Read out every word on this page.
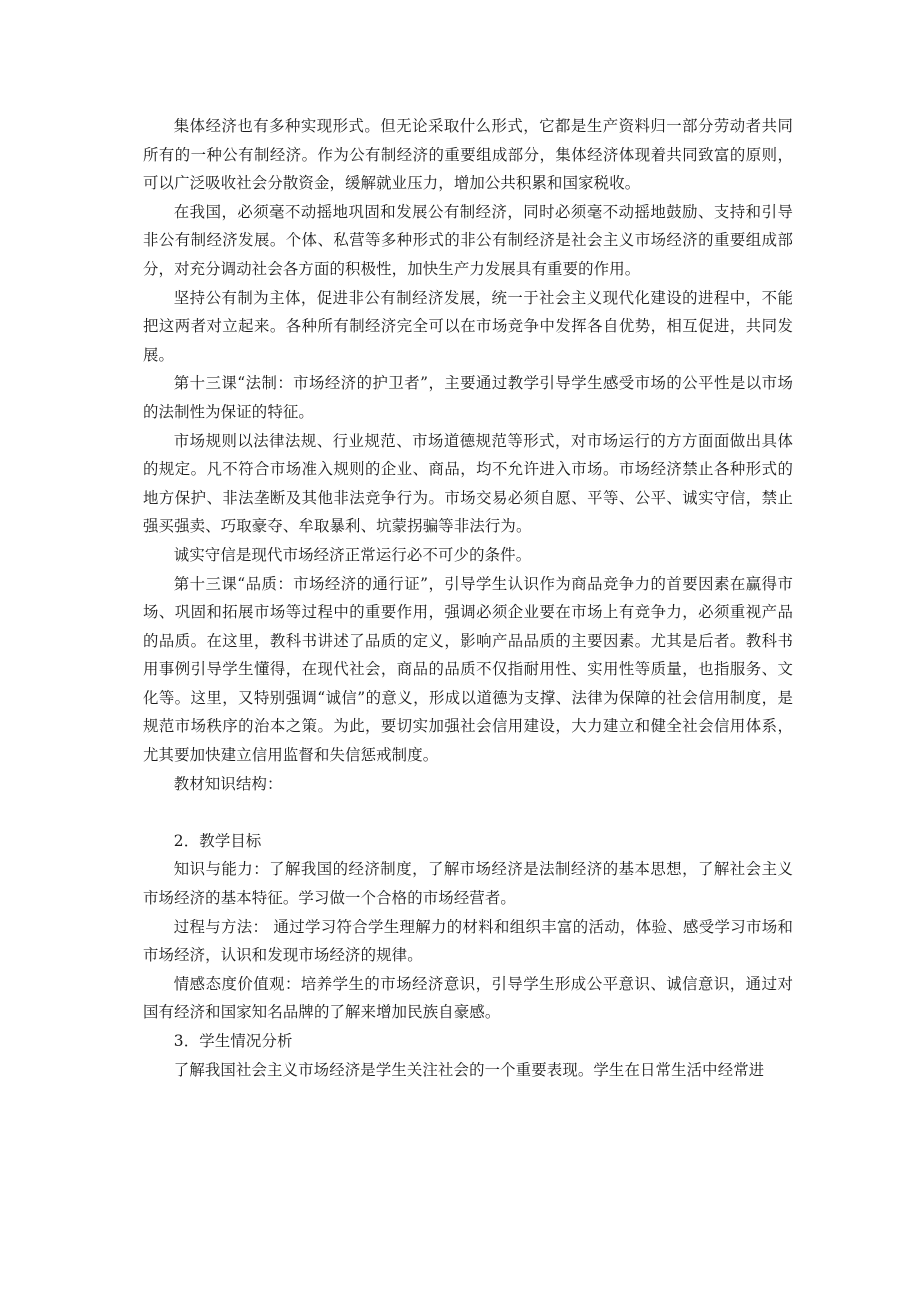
集体经济也有多种实现形式。但无论采取什么形式，它都是生产资料归一部分劳动者共同所有的一种公有制经济。作为公有制经济的重要组成部分，集体经济体现着共同致富的原则，可以广泛吸收社会分散资金，缓解就业压力，增加公共积累和国家税收。

在我国，必须毫不动摇地巩固和发展公有制经济，同时必须毫不动摇地鼓励、支持和引导非公有制经济发展。个体、私营等多种形式的非公有制经济是社会主义市场经济的重要组成部分，对充分调动社会各方面的积极性，加快生产力发展具有重要的作用。

坚持公有制为主体，促进非公有制经济发展，统一于社会主义现代化建设的进程中，不能把这两者对立起来。各种所有制经济完全可以在市场竞争中发挥各自优势，相互促进，共同发展。

第十三课“法制：市场经济的护卫者”，主要通过教学引导学生感受市场的公平性是以市场的法制性为保证的特征。

市场规则以法律法规、行业规范、市场道德规范等形式，对市场运行的方方面面做出具体的规定。凡不符合市场准入规则的企业、商品，均不允许进入市场。市场经济禁止各种形式的地方保护、非法垄断及其他非法竞争行为。市场交易必须自愿、平等、公平、诚实守信，禁止强买强卖、巧取豪夺、牟取暴利、坑蒙拐骗等非法行为。

诚实守信是现代市场经济正常运行必不可少的条件。

第十三课“品质：市场经济的通行证”，引导学生认识作为商品竞争力的首要因素在赢得市场、巩固和拓展市场等过程中的重要作用，强调必须企业要在市场上有竞争力，必须重视产品的品质。在这里，教科书讲述了品质的定义，影响产品品质的主要因素。尤其是后者。教科书用事例引导学生懂得，在现代社会，商品的品质不仅指耐用性、实用性等质量，也指服务、文化等。这里，又特别强调“诚信”的意义，形成以道德为支撑、法律为保障的社会信用制度，是规范市场秩序的治本之策。为此，要切实加强社会信用建设，大力建立和健全社会信用体系，尤其要加快建立信用监督和失信惩戒制度。

教材知识结构：

2．教学目标

知识与能力：了解我国的经济制度，了解市场经济是法制经济的基本思想，了解社会主义市场经济的基本特征。学习做一个合格的市场经营者。

过程与方法： 通过学习符合学生理解力的材料和组织丰富的活动，体验、感受学习市场和市场经济，认识和发现市场经济的规律。

情感态度价值观：培养学生的市场经济意识，引导学生形成公平意识、诚信意识，通过对国有经济和国家知名品牌的了解来增加民族自豪感。

3．学生情况分析

了解我国社会主义市场经济是学生关注社会的一个重要表现。学生在日常生活中经常进
